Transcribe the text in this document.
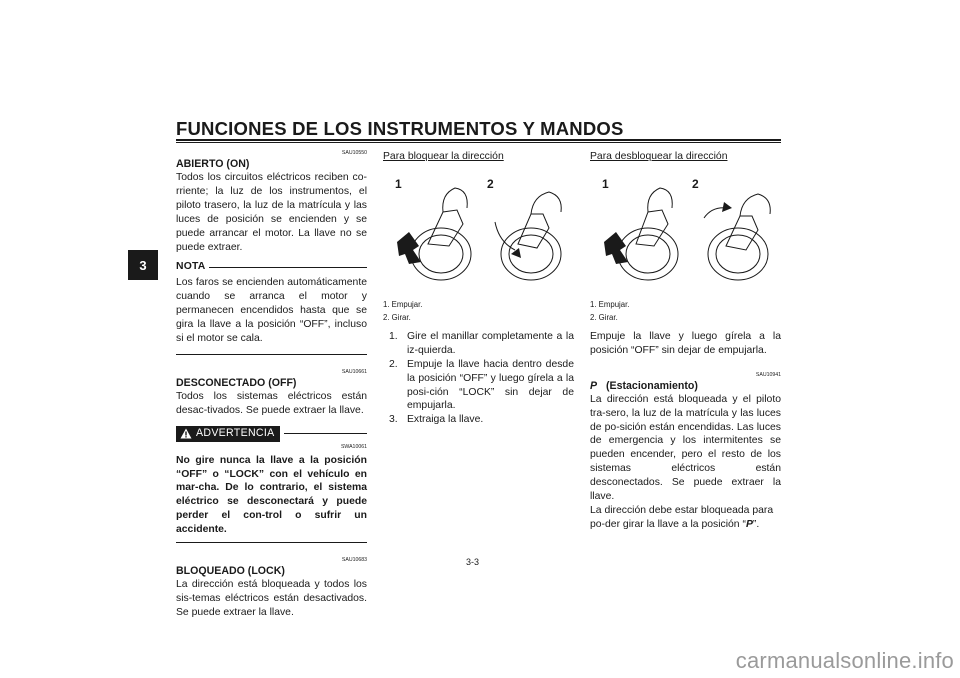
FUNCIONES DE LOS INSTRUMENTOS Y MANDOS
3

SAU10550

ABIERTO (ON)

Todos los circuitos eléctricos reciben co-rriente; la luz de los instrumentos, el piloto trasero, la luz de la matrícula y las luces de posición se encienden y se puede arrancar el motor. La llave no se puede extraer.

NOTA

Los faros se encienden automáticamente cuando se arranca el motor y permanecen encendidos hasta que se gira la llave a la posición “OFF”, incluso si el motor se cala.

SAU10661

DESCONECTADO (OFF)

Todos los sistemas eléctricos están desac-tivados. Se puede extraer la llave.

ADVERTENCIA

SWA10061

No gire nunca la llave a la posición “OFF” o “LOCK” con el vehículo en mar-cha. De lo contrario, el sistema eléctrico se desconectará y puede perder el con-trol o sufrir un accidente.

SAU10683

BLOQUEADO (LOCK)

La dirección está bloqueada y todos los sis-temas eléctricos están desactivados. Se puede extraer la llave.

Para bloquear la dirección

1	2

1. Empujar.

2. Girar.

1. Gire el manillar completamente a la iz-quierda.
2. Empuje la llave hacia dentro desde la posición “OFF” y luego gírela a la posi-ción “LOCK” sin dejar de empujarla.
3. Extraiga la llave.

Para desbloquear la dirección

1	2

1. Empujar.

2. Girar.

Empuje la llave y luego gírela a la posición “OFF” sin dejar de empujarla.

SAU10941

P (Estacionamiento)

La dirección está bloqueada y el piloto tra-sero, la luz de la matrícula y las luces de po-sición están encendidas. Las luces de emergencia y los intermitentes se pueden encender, pero el resto de los sistemas eléctricos están desconectados. Se puede extraer la llave.

La dirección debe estar bloqueada para po-der girar la llave a la posición “P”.

3-3
carmanualsonline.info
